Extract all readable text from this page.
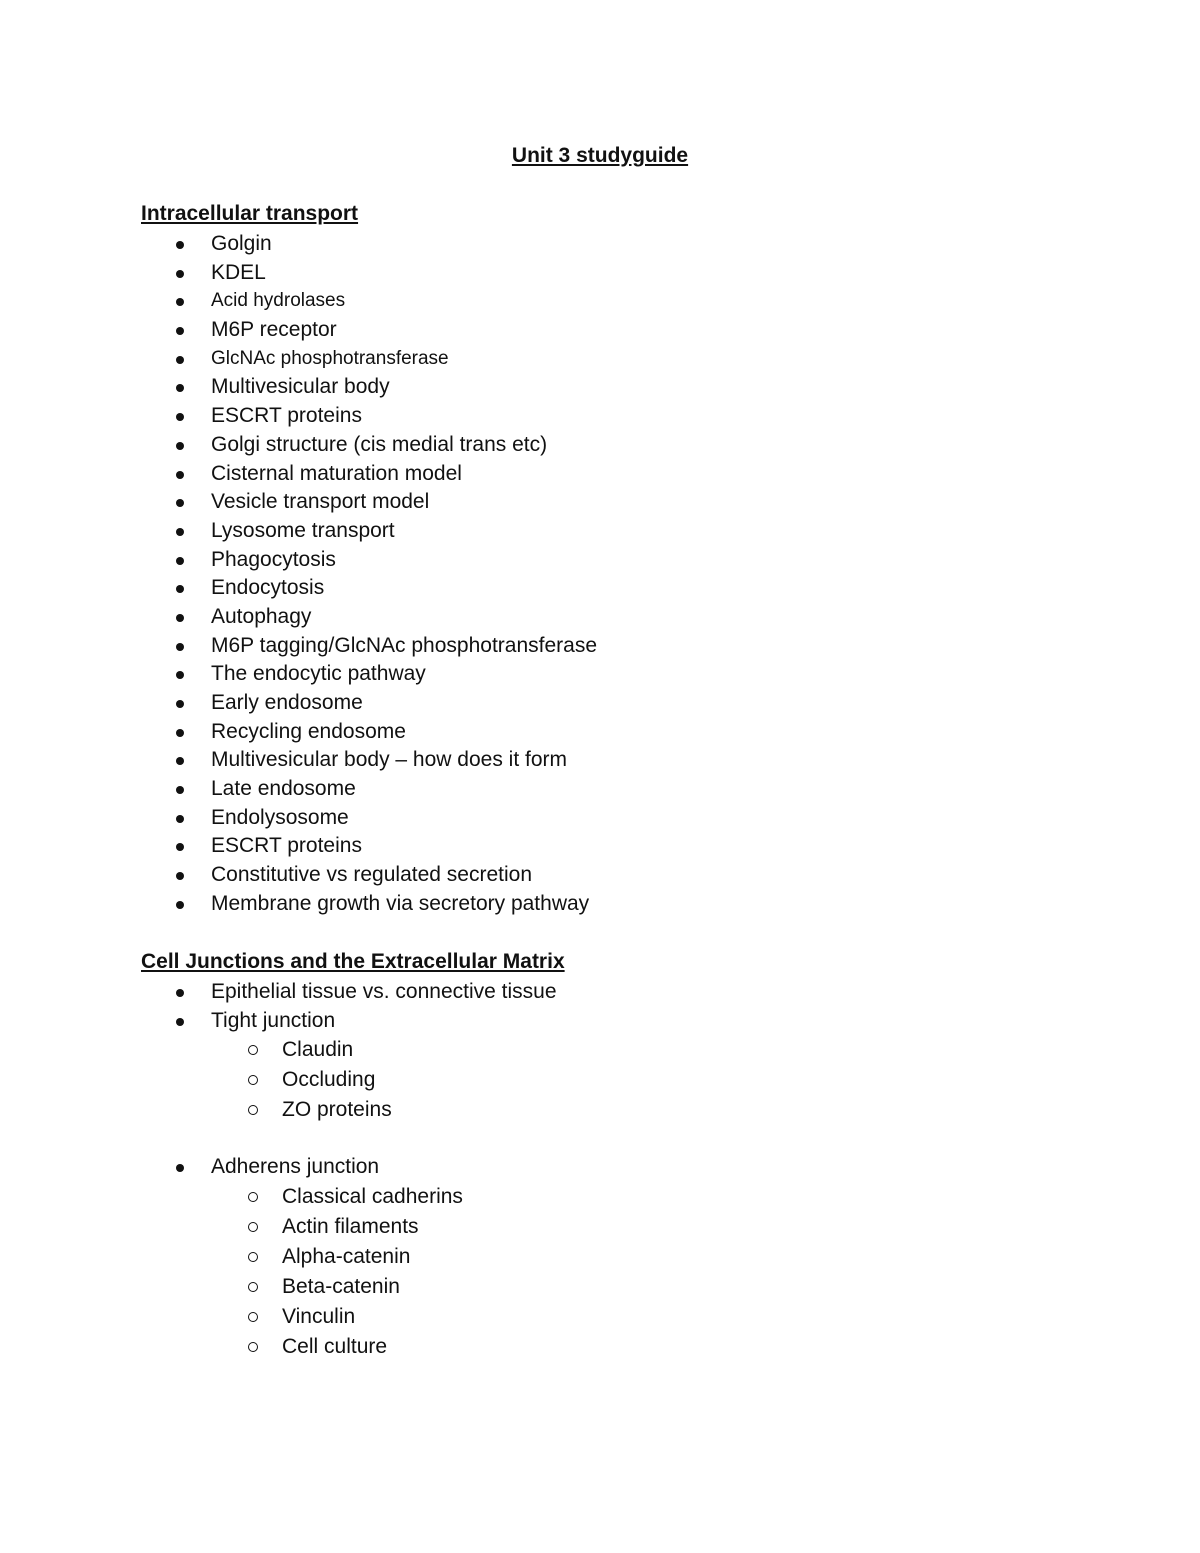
Unit 3 studyguide
Intracellular transport
Golgin
KDEL
Acid hydrolases
M6P receptor
GlcNAc phosphotransferase
Multivesicular body
ESCRT proteins
Golgi structure (cis medial trans etc)
Cisternal maturation model
Vesicle transport model
Lysosome transport
Phagocytosis
Endocytosis
Autophagy
M6P tagging/GlcNAc phosphotransferase
The endocytic pathway
Early endosome
Recycling endosome
Multivesicular body – how does it form
Late endosome
Endolysosome
ESCRT proteins
Constitutive vs regulated secretion
Membrane growth via secretory pathway
Cell Junctions and the Extracellular Matrix
Epithelial tissue vs. connective tissue
Tight junction
Claudin
Occluding
ZO proteins
Adherens junction
Classical cadherins
Actin filaments
Alpha-catenin
Beta-catenin
Vinculin
Cell culture
